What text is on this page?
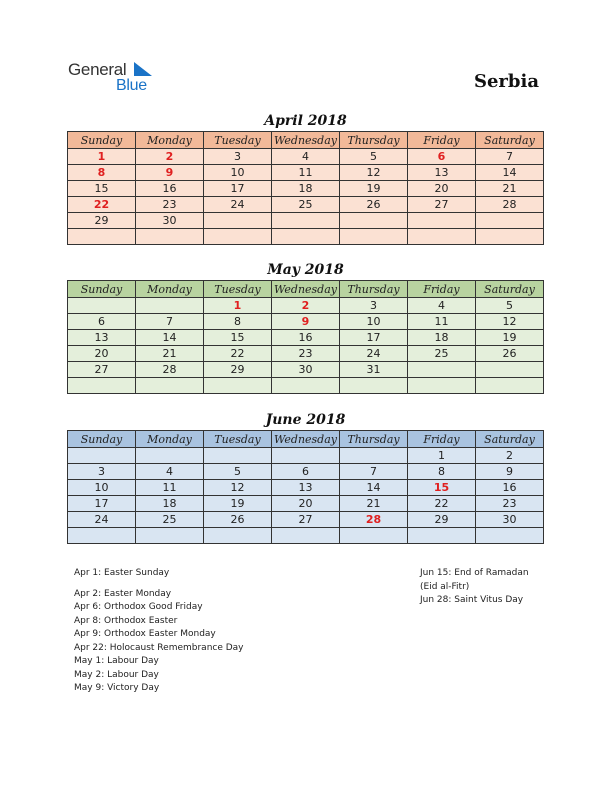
General
Blue	Serbia
April 2018
Sunday	Monday	Tuesday	Wednesday	Thursday	Friday	Saturday
1	2	3	4	5	6	7
8	9	10	11	12	13	14
15	16	17	18	19	20	21
22	23	24	25	26	27	28
29	30					

May 2018
Sunday	Monday	Tuesday	Wednesday	Thursday	Friday	Saturday
		1	2	3	4	5
6	7	8	9	10	11	12
13	14	15	16	17	18	19
20	21	22	23	24	25	26
27	28	29	30	31		

June 2018
Sunday	Monday	Tuesday	Wednesday	Thursday	Friday	Saturday
					1	2
3	4	5	6	7	8	9
10	11	12	13	14	15	16
17	18	19	20	21	22	23
24	25	26	27	28	29	30

Apr 1: Easter Sunday
Apr 2: Easter Monday
Apr 6: Orthodox Good Friday
Apr 8: Orthodox Easter
Apr 9: Orthodox Easter Monday
Apr 22: Holocaust Remembrance Day
May 1: Labour Day
May 2: Labour Day
May 9: Victory Day
Jun 15: End of Ramadan
(Eid al-Fitr)
Jun 28: Saint Vitus Day
